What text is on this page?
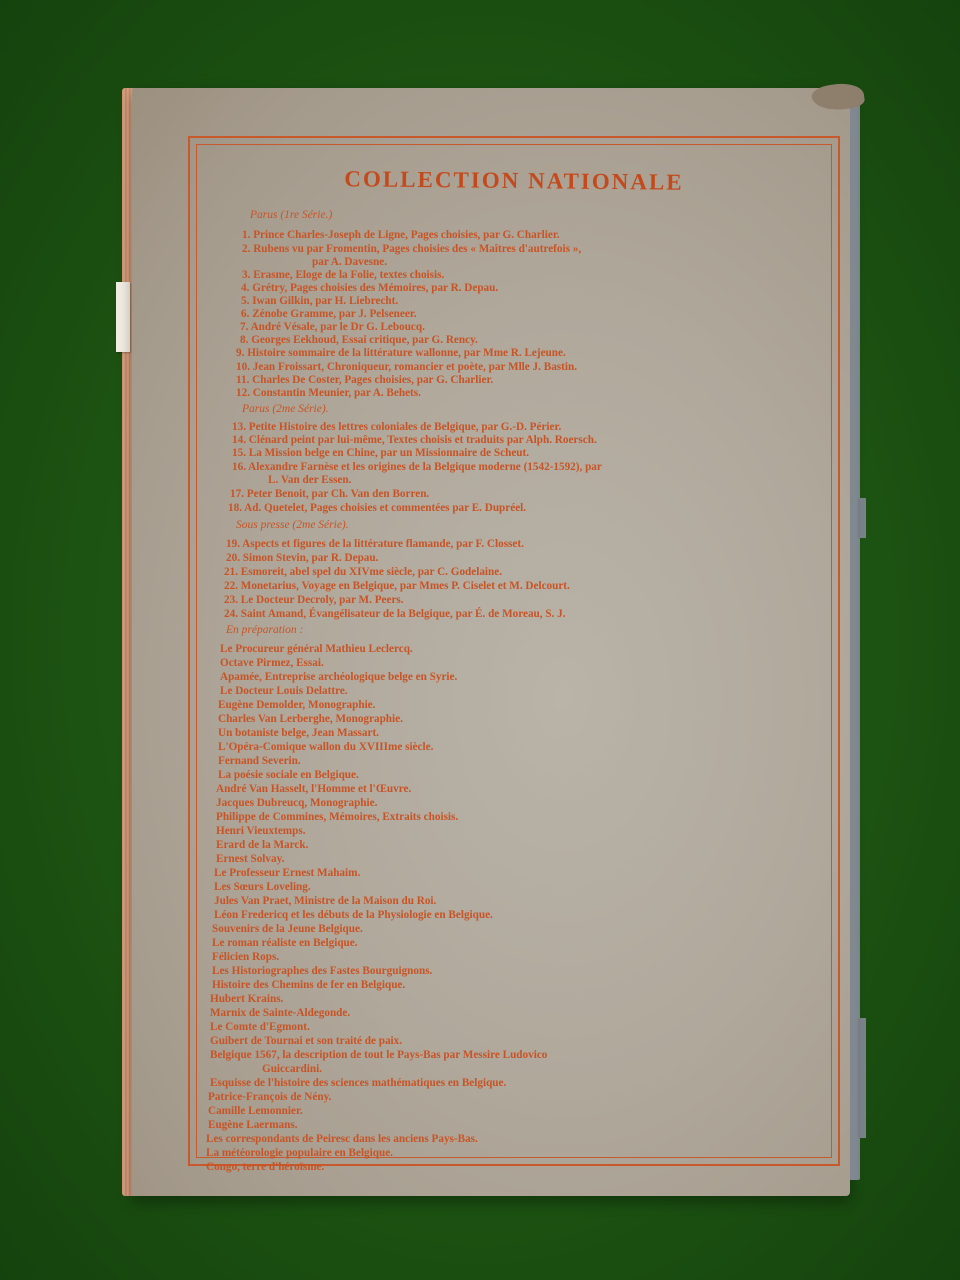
COLLECTION NATIONALE
Parus (1re Série.)
1. Prince Charles-Joseph de Ligne, Pages choisies, par G. Charlier.
2. Rubens vu par Fromentin, Pages choisies des « Maîtres d'autrefois »,
par A. Davesne.
3. Erasme, Eloge de la Folie, textes choisis.
4. Grétry, Pages choisies des Mémoires, par R. Depau.
5. Iwan Gilkin, par H. Liebrecht.
6. Zénobe Gramme, par J. Pelseneer.
7. André Vésale, par le Dr G. Leboucq.
8. Georges Eekhoud, Essai critique, par G. Rency.
9. Histoire sommaire de la littérature wallonne, par Mme R. Lejeune.
10. Jean Froissart, Chroniqueur, romancier et poète, par Mlle J. Bastin.
11. Charles De Coster, Pages choisies, par G. Charlier.
12. Constantin Meunier, par A. Behets.
Parus (2me Série).
13. Petite Histoire des lettres coloniales de Belgique, par G.-D. Périer.
14. Clénard peint par lui-même, Textes choisis et traduits par Alph. Roersch.
15. La Mission belge en Chine, par un Missionnaire de Scheut.
16. Alexandre Farnèse et les origines de la Belgique moderne (1542-1592), par
L. Van der Essen.
17. Peter Benoit, par Ch. Van den Borren.
18. Ad. Quetelet, Pages choisies et commentées par E. Dupréel.
Sous presse (2me Série).
19. Aspects et figures de la littérature flamande, par F. Closset.
20. Simon Stevin, par R. Depau.
21. Esmoreit, abel spel du XIVme siècle, par C. Godelaine.
22. Monetarius, Voyage en Belgique, par Mmes P. Ciselet et M. Delcourt.
23. Le Docteur Decroly, par M. Peers.
24. Saint Amand, Évangélisateur de la Belgique, par É. de Moreau, S. J.
En préparation :
Le Procureur général Mathieu Leclercq.
Octave Pirmez, Essai.
Apamée, Entreprise archéologique belge en Syrie.
Le Docteur Louis Delattre.
Eugène Demolder, Monographie.
Charles Van Lerberghe, Monographie.
Un botaniste belge, Jean Massart.
L'Opéra-Comique wallon du XVIIIme siècle.
Fernand Severin.
La poésie sociale en Belgique.
André Van Hasselt, l'Homme et l'Œuvre.
Jacques Dubreucq, Monographie.
Philippe de Commines, Mémoires, Extraits choisis.
Henri Vieuxtemps.
Erard de la Marck.
Ernest Solvay.
Le Professeur Ernest Mahaim.
Les Sœurs Loveling.
Jules Van Praet, Ministre de la Maison du Roi.
Léon Fredericq et les débuts de la Physiologie en Belgique.
Souvenirs de la Jeune Belgique.
Le roman réaliste en Belgique.
Félicien Rops.
Les Historiographes des Fastes Bourguignons.
Histoire des Chemins de fer en Belgique.
Hubert Krains.
Marnix de Sainte-Aldegonde.
Le Comte d'Egmont.
Guibert de Tournai et son traité de paix.
Belgique 1567, la description de tout le Pays-Bas par Messire Ludovico
Guiccardini.
Esquisse de l'histoire des sciences mathématiques en Belgique.
Patrice-François de Nény.
Camille Lemonnier.
Eugène Laermans.
Les correspondants de Peiresc dans les anciens Pays-Bas.
La météorologie populaire en Belgique.
Congo, terre d'héroïsme.
